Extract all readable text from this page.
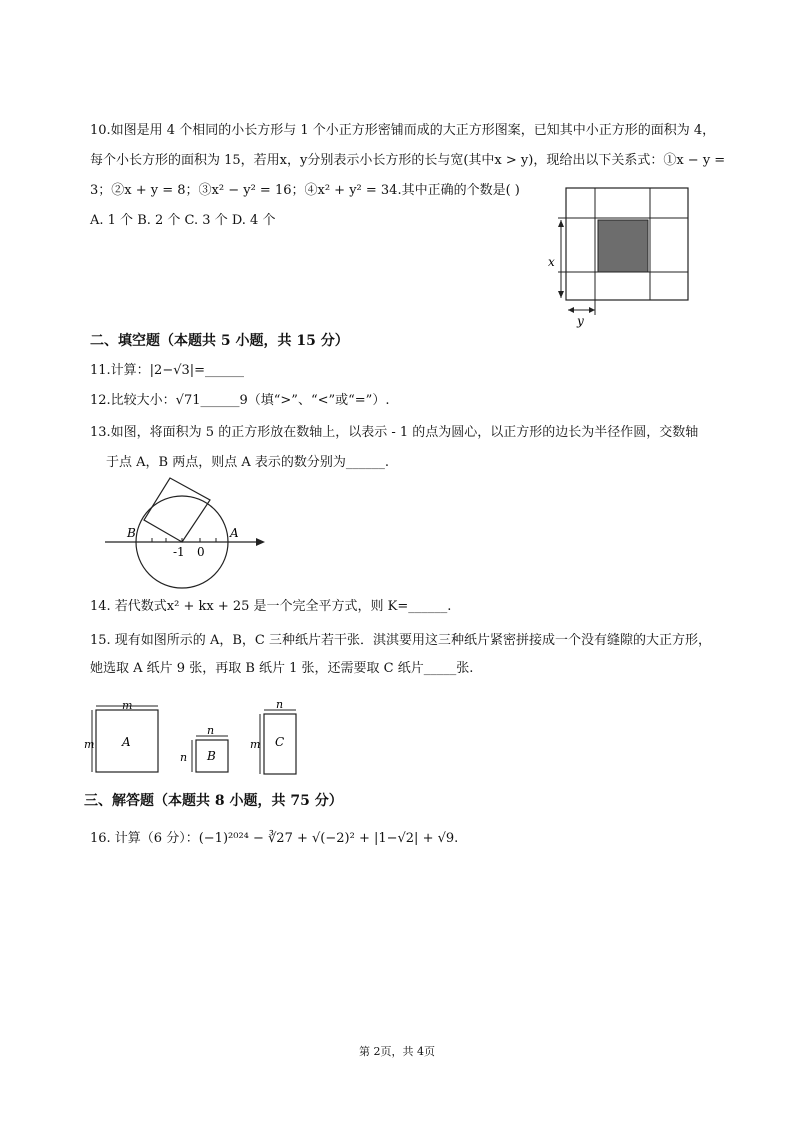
10.如图是用 4 个相同的小长方形与 1 个小正方形密铺而成的大正方形图案，已知其中小正方形的面积为 4，
每个小长方形的面积为 15，若用x，y分别表示小长方形的长与宽(其中x > y)，现给出以下关系式：①x − y =
3；②x + y = 8；③x² − y² = 16；④x² + y² = 34.其中正确的个数是( )
A. 1 个 B. 2 个 C. 3 个 D. 4 个
x
y
二、填空题（本题共 5 小题，共 15 分）
11.计算：|2−√3|=______
12.比较大小：√71______9（填“>”、“<”或“=”）.
13.如图，将面积为 5 的正方形放在数轴上，以表示 - 1 的点为圆心，以正方形的边长为半径作圆，交数轴
于点 A，B 两点，则点 A 表示的数分别为______.
B	A
-1 0
14. 若代数式x² + kx + 25 是一个完全平方式，则 K=______.
15. 现有如图所示的 A，B，C 三种纸片若干张．淇淇要用这三种纸片紧密拼接成一个没有缝隙的大正方形，
她选取 A 纸片 9 张，再取 B 纸片 1 张，还需要取 C 纸片_____张.
A
m
m
B
n
n
C
n
m
三、解答题（本题共 8 小题，共 75 分）
16. 计算（6 分）：(−1)²⁰²⁴ − ∛27 + √(−2)² + |1−√2| + √9.
第 2页，共 4页
